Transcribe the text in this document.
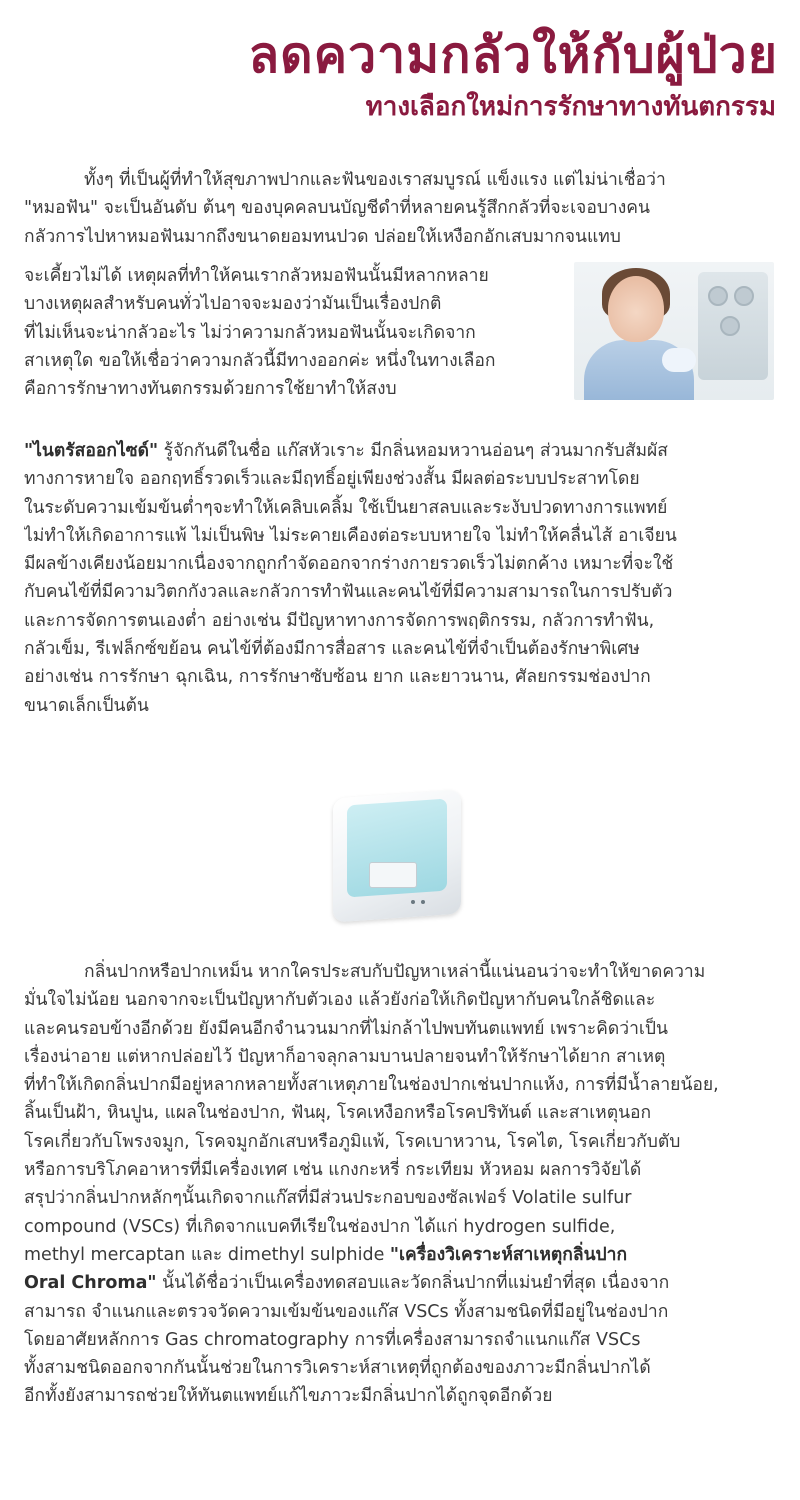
ลดความกลัวให้กับผู้ป่วย
ทางเลือกใหม่การรักษาทางทันตกรรม
ทั้งๆ ที่เป็นผู้ที่ทำให้สุขภาพปากและฟันของเราสมบูรณ์ แข็งแรง แต่ไม่น่าเชื่อว่า
"หมอฟัน" จะเป็นอันดับ ต้นๆ ของบุคคลบนบัญชีดำที่หลายคนรู้สึกกลัวที่จะเจอบางคน
กลัวการไปหาหมอฟันมากถึงขนาดยอมทนปวด ปล่อยให้เหงือกอักเสบมากจนแทบ
จะเคี้ยวไม่ได้ เหตุผลที่ทำให้คนเรากลัวหมอฟันนั้นมีหลากหลาย
บางเหตุผลสำหรับคนทั่วไปอาจจะมองว่ามันเป็นเรื่องปกติ
ที่ไม่เห็นจะน่ากลัวอะไร ไม่ว่าความกลัวหมอฟันนั้นจะเกิดจาก
สาเหตุใด ขอให้เชื่อว่าความกลัวนี้มีทางออกค่ะ หนึ่งในทางเลือก
คือการรักษาทางทันตกรรมด้วยการใช้ยาทำให้สงบ
"ไนตรัสออกไซด์" รู้จักกันดีในชื่อ แก๊สหัวเราะ มีกลิ่นหอมหวานอ่อนๆ ส่วนมากรับสัมผัส
ทางการหายใจ ออกฤทธิ์รวดเร็วและมีฤทธิ์อยู่เพียงช่วงสั้น มีผลต่อระบบประสาทโดย
ในระดับความเข้มข้นต่ำๆจะทำให้เคลิบเคลิ้ม ใช้เป็นยาสลบและระงับปวดทางการแพทย์
ไม่ทำให้เกิดอาการแพ้ ไม่เป็นพิษ ไม่ระคายเคืองต่อระบบหายใจ ไม่ทำให้คลื่นไส้ อาเจียน
มีผลข้างเคียงน้อยมากเนื่องจากถูกกำจัดออกจากร่างกายรวดเร็วไม่ตกค้าง เหมาะที่จะใช้
กับคนไข้ที่มีความวิตกกังวลและกลัวการทำฟันและคนไข้ที่มีความสามารถในการปรับตัว
และการจัดการตนเองต่ำ อย่างเช่น มีปัญหาทางการจัดการพฤติกรรม, กลัวการทำฟัน,
กลัวเข็ม, รีเฟล็กซ์ขย้อน คนไข้ที่ต้องมีการสื่อสาร และคนไข้ที่จำเป็นต้องรักษาพิเศษ
อย่างเช่น การรักษา ฉุกเฉิน, การรักษาซับซ้อน ยาก และยาวนาน, ศัลยกรรมช่องปาก
ขนาดเล็กเป็นต้น
กลิ่นปากหรือปากเหม็น หากใครประสบกับปัญหาเหล่านี้แน่นอนว่าจะทำให้ขาดความ
มั่นใจไม่น้อย นอกจากจะเป็นปัญหากับตัวเอง แล้วยังก่อให้เกิดปัญหากับคนใกล้ชิดและ
และคนรอบข้างอีกด้วย ยังมีคนอีกจำนวนมากที่ไม่กล้าไปพบทันตแพทย์ เพราะคิดว่าเป็น
เรื่องน่าอาย แต่หากปล่อยไว้ ปัญหาก็อาจลุกลามบานปลายจนทำให้รักษาได้ยาก สาเหตุ
ที่ทำให้เกิดกลิ่นปากมีอยู่หลากหลายทั้งสาเหตุภายในช่องปากเช่นปากแห้ง, การที่มีน้ำลายน้อย,
ลิ้นเป็นฝ้า, หินปูน, แผลในช่องปาก, ฟันผุ, โรคเหงือกหรือโรคปริทันต์ และสาเหตุนอก
โรคเกี่ยวกับโพรงจมูก, โรคจมูกอักเสบหรือภูมิแพ้, โรคเบาหวาน, โรคไต, โรคเกี่ยวกับตับ
หรือการบริโภคอาหารที่มีเครื่องเทศ เช่น แกงกะหรี่ กระเทียม หัวหอม ผลการวิจัยได้
สรุปว่ากลิ่นปากหลักๆนั้นเกิดจากแก๊สที่มีส่วนประกอบของซัลเฟอร์ Volatile sulfur
compound (VSCs) ที่เกิดจากแบคทีเรียในช่องปาก ได้แก่ hydrogen sulfide,
methyl mercaptan และ dimethyl sulphide "เครื่องวิเคราะห์สาเหตุกลิ่นปาก
Oral Chroma" นั้นได้ชื่อว่าเป็นเครื่องทดสอบและวัดกลิ่นปากที่แม่นยำที่สุด เนื่องจาก
สามารถ จำแนกและตรวจวัดความเข้มข้นของแก๊ส VSCs ทั้งสามชนิดที่มีอยู่ในช่องปาก
โดยอาศัยหลักการ Gas chromatography การที่เครื่องสามารถจำแนกแก๊ส VSCs
ทั้งสามชนิดออกจากกันนั้นช่วยในการวิเคราะห์สาเหตุที่ถูกต้องของภาวะมีกลิ่นปากได้
อีกทั้งยังสามารถช่วยให้ทันตแพทย์แก้ไขภาวะมีกลิ่นปากได้ถูกจุดอีกด้วย
